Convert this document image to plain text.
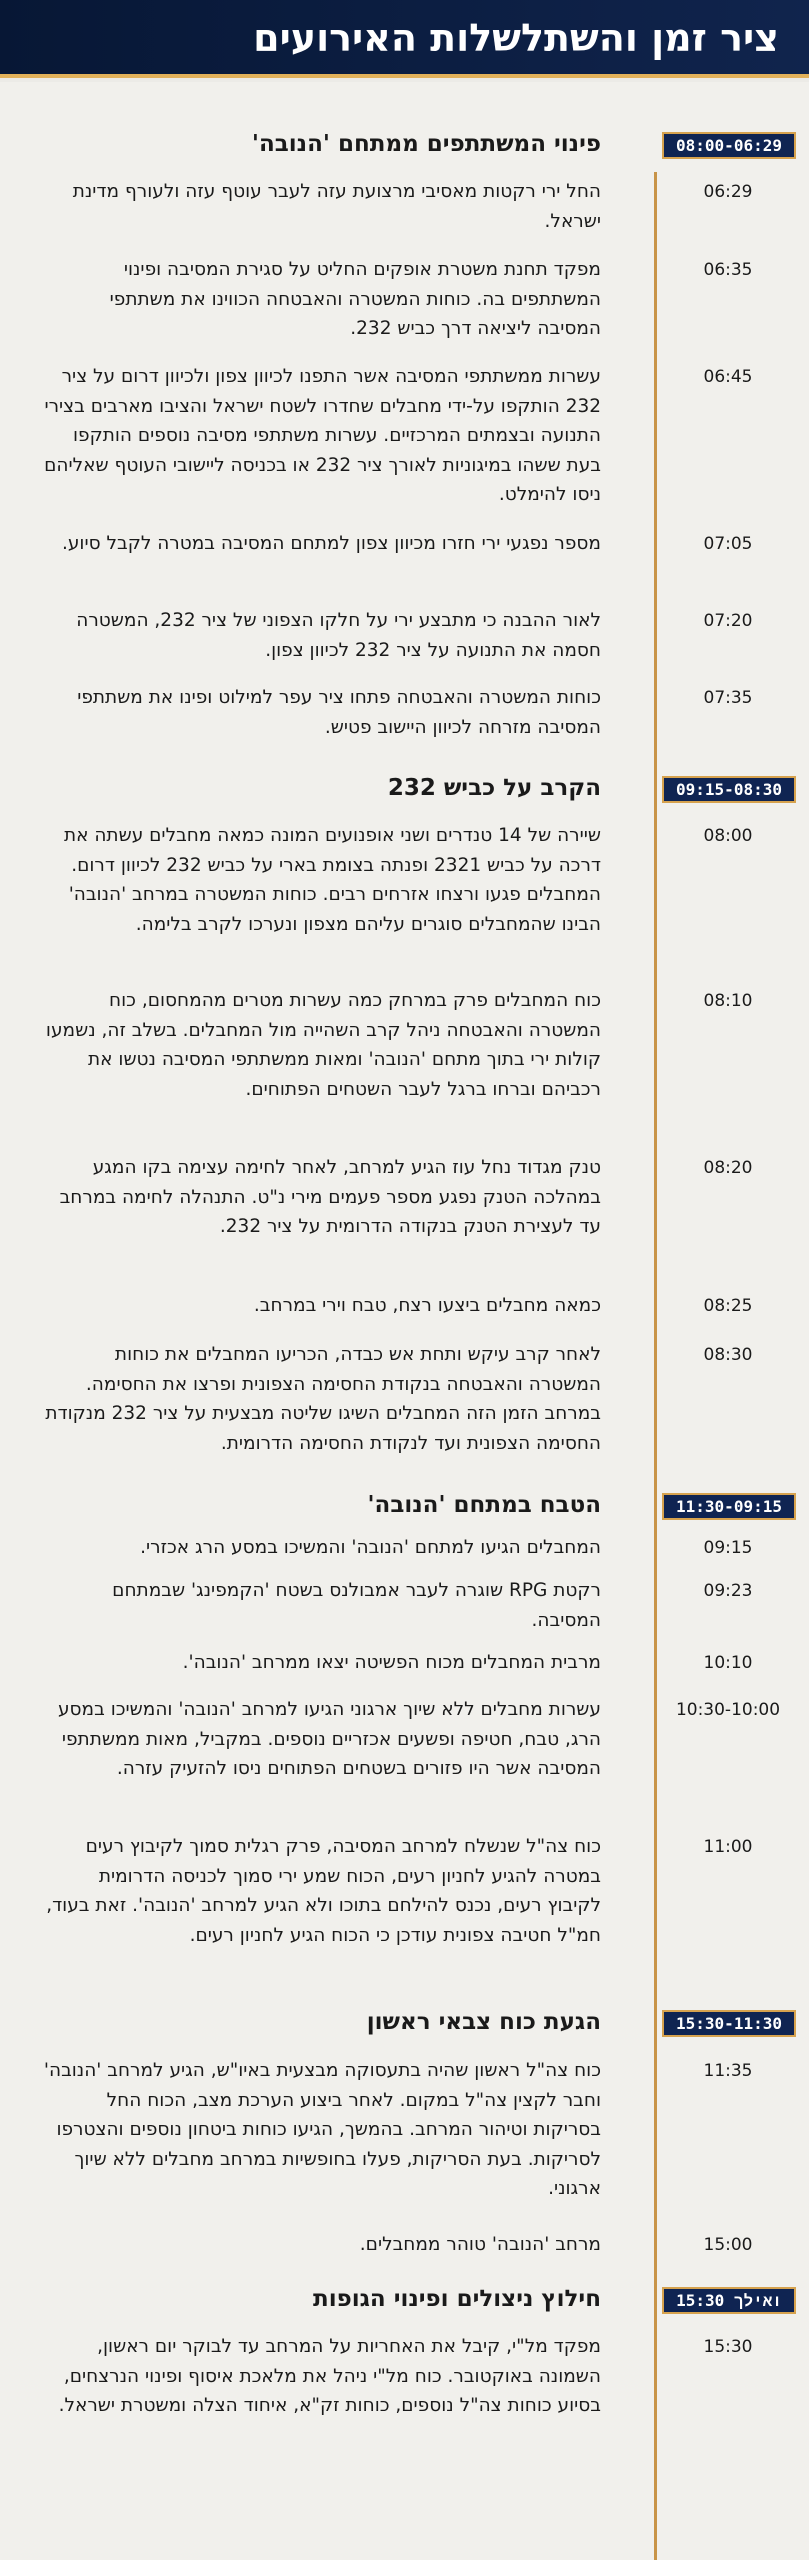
ציר זמן והשתלשלות האירועים
08:00-06:29
פינוי המשתתפים ממתחם 'הנובה'
06:29
החל ירי רקטות מאסיבי מרצועת עזה לעבר עוטף עזה ולעורף מדינת ישראל.
06:35
מפקד תחנת משטרת אופקים החליט על סגירת המסיבה ופינוי המשתתפים בה. כוחות המשטרה והאבטחה הכווינו את משתתפי המסיבה ליציאה דרך כביש 232.
06:45
עשרות ממשתתפי המסיבה אשר התפנו לכיוון צפון ולכיוון דרום על ציר 232 הותקפו על-ידי מחבלים שחדרו לשטח ישראל והציבו מארבים בצירי התנועה ובצמתים המרכזיים. עשרות משתתפי מסיבה נוספים הותקפו בעת ששהו במיגוניות לאורך ציר 232 או בכניסה ליישובי העוטף שאליהם ניסו להימלט.
07:05
מספר נפגעי ירי חזרו מכיוון צפון למתחם המסיבה במטרה לקבל סיוע.
07:20
לאור ההבנה כי מתבצע ירי על חלקו הצפוני של ציר 232, המשטרה חסמה את התנועה על ציר 232 לכיוון צפון.
07:35
כוחות המשטרה והאבטחה פתחו ציר עפר למילוט ופינו את משתתפי המסיבה מזרחה לכיוון היישוב פטיש.
09:15-08:30
הקרב על כביש 232
08:00
שיירה של 14 טנדרים ושני אופנועים המונה כמאה מחבלים עשתה את דרכה על כביש 2321 ופנתה בצומת בארי על כביש 232 לכיוון דרום. המחבלים פגעו ורצחו אזרחים רבים. כוחות המשטרה במרחב 'הנובה' הבינו שהמחבלים סוגרים עליהם מצפון ונערכו לקרב בלימה.
08:10
כוח המחבלים פרק במרחק כמה עשרות מטרים מהמחסום, כוח המשטרה והאבטחה ניהל קרב השהייה מול המחבלים. בשלב זה, נשמעו קולות ירי בתוך מתחם 'הנובה' ומאות ממשתתפי המסיבה נטשו את רכביהם וברחו ברגל לעבר השטחים הפתוחים.
08:20
טנק מגדוד נחל עוז הגיע למרחב, לאחר לחימה עצימה בקו המגע במהלכה הטנק נפגע מספר פעמים מירי נ"ט. התנהלה לחימה במרחב עד לעצירת הטנק בנקודה הדרומית על ציר 232.
08:25
כמאה מחבלים ביצעו רצח, טבח וירי במרחב.
08:30
לאחר קרב עיקש ותחת אש כבדה, הכריעו המחבלים את כוחות המשטרה והאבטחה בנקודת החסימה הצפונית ופרצו את החסימה. במרחב הזמן הזה המחבלים השיגו שליטה מבצעית על ציר 232 מנקודת החסימה הצפונית ועד לנקודת החסימה הדרומית.
11:30-09:15
הטבח במתחם 'הנובה'
09:15
המחבלים הגיעו למתחם 'הנובה' והמשיכו במסע הרג אכזרי.
09:23
רקטת RPG שוגרה לעבר אמבולנס בשטח 'הקמפינג' שבמתחם המסיבה.
10:10
מרבית המחבלים מכוח הפשיטה יצאו ממרחב 'הנובה'.
10:30-10:00
עשרות מחבלים ללא שיוך ארגוני הגיעו למרחב 'הנובה' והמשיכו במסע הרג, טבח, חטיפה ופשעים אכזריים נוספים. במקביל, מאות ממשתתפי המסיבה אשר היו פזורים בשטחים הפתוחים ניסו להזעיק עזרה.
11:00
כוח צה"ל שנשלח למרחב המסיבה, פרק רגלית סמוך לקיבוץ רעים במטרה להגיע לחניון רעים, הכוח שמע ירי סמוך לכניסה הדרומית לקיבוץ רעים, נכנס להילחם בתוכו ולא הגיע למרחב 'הנובה'. זאת בעוד, חמ"ל חטיבה צפונית עודכן כי הכוח הגיע לחניון רעים.
15:30-11:30
הגעת כוח צבאי ראשון
11:35
כוח צה"ל ראשון שהיה בתעסוקה מבצעית באיו"ש, הגיע למרחב 'הנובה' וחבר לקצין צה"ל במקום. לאחר ביצוע הערכת מצב, הכוח החל בסריקות וטיהור המרחב. בהמשך, הגיעו כוחות ביטחון נוספים והצטרפו לסריקות. בעת הסריקות, פעלו בחופשיות במרחב מחבלים ללא שיוך ארגוני.
15:00
מרחב 'הנובה' טוהר ממחבלים.
15:30 ואילך
חילוץ ניצולים ופינוי הגופות
15:30
מפקד מל"י, קיבל את האחריות על המרחב עד לבוקר יום ראשון, השמונה באוקטובר. כוח מל"י ניהל את מלאכת איסוף ופינוי הנרצחים, בסיוע כוחות צה"ל נוספים, כוחות זק"א, איחוד הצלה ומשטרת ישראל.
